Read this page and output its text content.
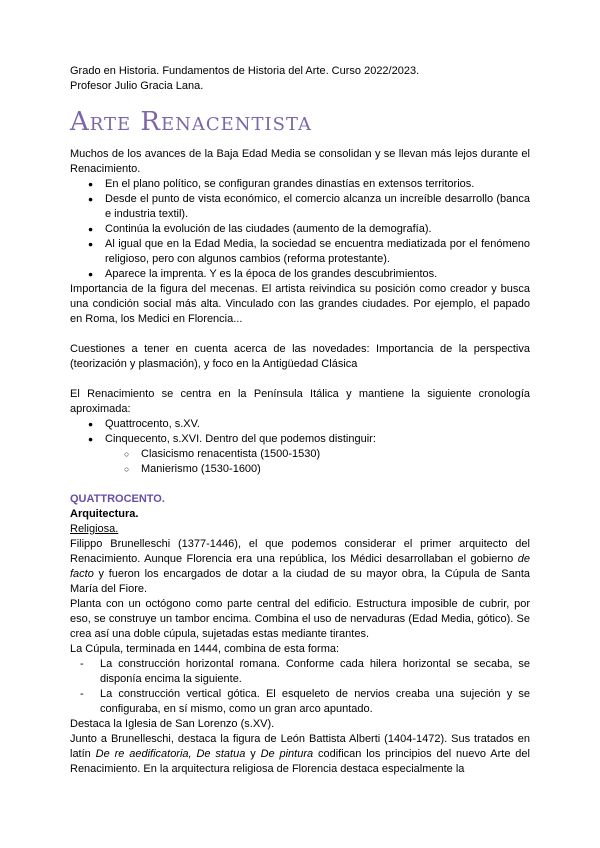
Grado en Historia. Fundamentos de Historia del Arte. Curso 2022/2023.

Profesor Julio Gracia Lana.

Arte Renacentista

Muchos de los avances de la Baja Edad Media se consolidan y se llevan más lejos durante el Renacimiento.

●	En el plano político, se configuran grandes dinastías en extensos territorios.
●	Desde el punto de vista económico, el comercio alcanza un increíble desarrollo (banca e industria textil).
●	Continúa la evolución de las ciudades (aumento de la demografía).
●	Al igual que en la Edad Media, la sociedad se encuentra mediatizada por el fenómeno religioso, pero con algunos cambios (reforma protestante).
●	Aparece la imprenta. Y es la época de los grandes descubrimientos.

Importancia de la figura del mecenas. El artista reivindica su posición como creador y busca una condición social más alta. Vinculado con las grandes ciudades. Por ejemplo, el papado en Roma, los Medici en Florencia...

Cuestiones a tener en cuenta acerca de las novedades: Importancia de la perspectiva (teorización y plasmación), y foco en la Antigüedad Clásica

El Renacimiento se centra en la Península Itálica y mantiene la siguiente cronología aproximada:

●	Quattrocento, s.XV.
●	Cinquecento, s.XVI. Dentro del que podemos distinguir:
○	Clasicismo renacentista (1500-1530)
○	Manierismo (1530-1600)

QUATTROCENTO.

Arquitectura.

Religiosa.

Filippo Brunelleschi (1377-1446), el que podemos considerar el primer arquitecto del Renacimiento. Aunque Florencia era una república, los Médici desarrollaban el gobierno de facto y fueron los encargados de dotar a la ciudad de su mayor obra, la Cúpula de Santa María del Fiore.

Planta con un octógono como parte central del edificio. Estructura imposible de cubrir, por eso, se construye un tambor encima. Combina el uso de nervaduras (Edad Media, gótico). Se crea así una doble cúpula, sujetadas estas mediante tirantes.

La Cúpula, terminada en 1444, combina de esta forma:

-	La construcción horizontal romana. Conforme cada hilera horizontal se secaba, se disponía encima la siguiente.
-	La construcción vertical gótica. El esqueleto de nervios creaba una sujeción y se configuraba, en sí mismo, como un gran arco apuntado.

Destaca la Iglesia de San Lorenzo (s.XV).

Junto a Brunelleschi, destaca la figura de León Battista Alberti (1404-1472). Sus tratados en latín De re aedificatoria, De statua y De pintura codifican los principios del nuevo Arte del Renacimiento. En la arquitectura religiosa de Florencia destaca especialmente la
